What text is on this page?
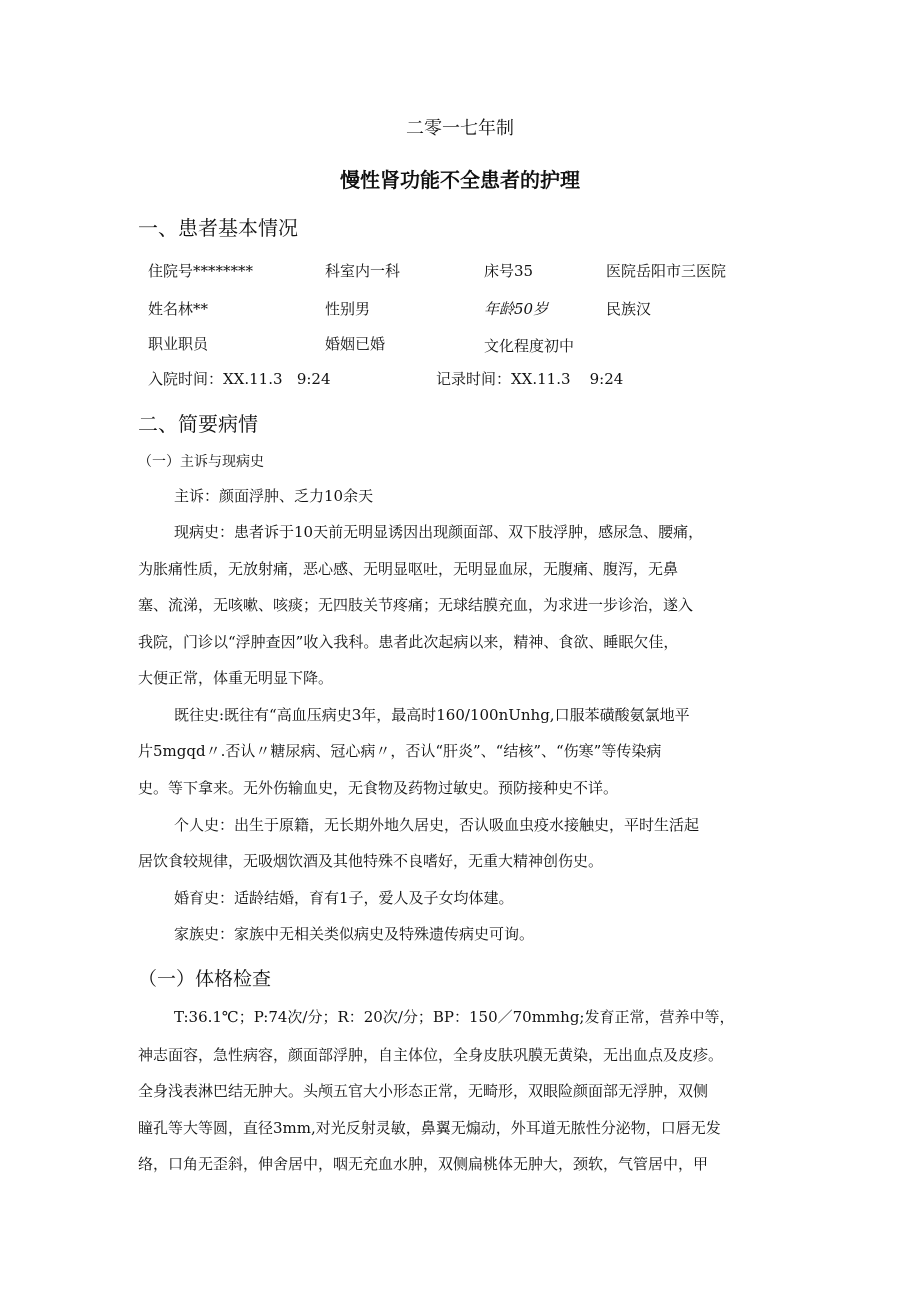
二零一七年制
慢性肾功能不全患者的护理
一、患者基本情况
住院号********	科室内一科	床号35	医院岳阳市三医院
姓名林**	性别男	年龄50岁	民族汉
职业职员	婚姻已婚	文化程度初中
入院时间：XX.11.3   9:24	记录时间：XX.11.3    9:24
二、简要病情
（一）主诉与现病史
主诉：颜面浮肿、乏力10余天
现病史：患者诉于10天前无明显诱因出现颜面部、双下肢浮肿，感尿急、腰痛，
为胀痛性质，无放射痛，恶心感、无明显呕吐，无明显血尿，无腹痛、腹泻，无鼻
塞、流涕，无咳嗽、咳痰；无四肢关节疼痛；无球结膜充血，为求进一步诊治，遂入
我院，门诊以“浮肿查因”收入我科。患者此次起病以来，精神、食欲、睡眠欠佳，
大便正常，体重无明显下降。
既往史:既往有“高血压病史3年，最高时160/100nUnhg,口服苯磺酸氨氯地平
片5mgqd〃.否认〃糖尿病、冠心病〃，否认“肝炎”、“结核”、“伤寒”等传染病
史。等下拿来。无外伤输血史，无食物及药物过敏史。预防接种史不详。
个人史：出生于原籍，无长期外地久居史，否认吸血虫疫水接触史，平时生活起
居饮食较规律，无吸烟饮酒及其他特殊不良嗜好，无重大精神创伤史。
婚育史：适龄结婚，育有1子，爱人及子女均体建。
家族史：家族中无相关类似病史及特殊遗传病史可询。
（一）体格检查
T:36.1℃；P:74次/分；R：20次/分；BP：150／70mmhg;发育正常，营养中等，
神志面容，急性病容，颜面部浮肿，自主体位，全身皮肤巩膜无黄染，无出血点及皮疹。
全身浅表淋巴结无肿大。头颅五官大小形态正常，无畸形，双眼险颜面部无浮肿，双侧
瞳孔等大等圆，直径3mm,对光反射灵敏，鼻翼无煽动，外耳道无脓性分泌物，口唇无发
络，口角无歪斜，伸舍居中，咽无充血水肿，双侧扁桃体无肿大，颈软，气管居中，甲
